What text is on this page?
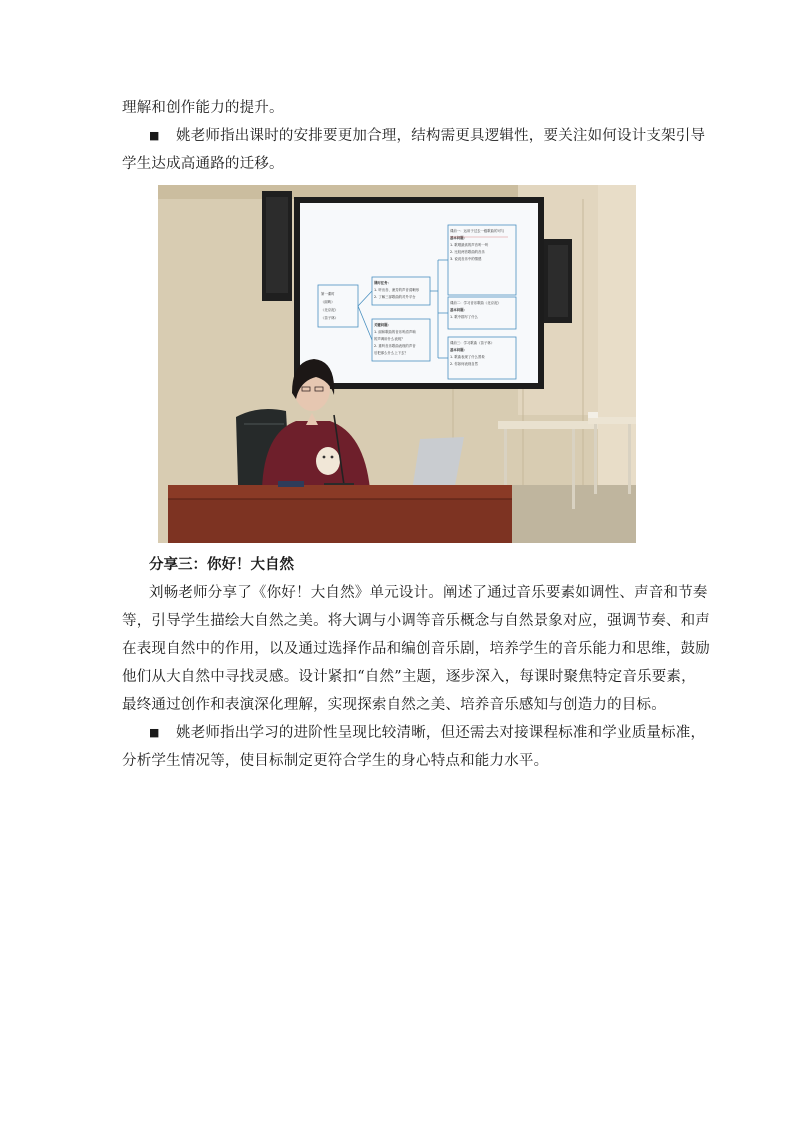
理解和创作能力的提升。
■ 姚老师指出课时的安排要更加合理，结构需更具逻辑性，要关注如何设计支架引导
学生达成高通路的迁移。
第一课时
《丽映》
《北京泥》
《苗子林》
课时任务：
1. 听出音、流芳的声音清晰形
2. 了解三部歌曲的对外平台
关键问题：
1. 丽和歌曲的音乐听清声响
的声调用什么表现？
2. 重听音乐歌曲表现的声音
后把那么什么上下去？
课前一：运用于过去一级歌曲的可与
基本问题：
1. 歌唱最高的声音听一听
2. 比较两首歌曲的音乐
3. 说说音乐中的情感
课前二：学习音乐歌曲《北京泥》
基本问题：
1. 歌中描写了什么
课前三：学习歌曲《苗子林》
基本问题：
1. 歌曲表现了什么景象
2. 你如何表现自然
分享三：你好！大自然
刘畅老师分享了《你好！大自然》单元设计。阐述了通过音乐要素如调性、声音和节奏
等，引导学生描绘大自然之美。将大调与小调等音乐概念与自然景象对应，强调节奏、和声
在表现自然中的作用，以及通过选择作品和编创音乐剧，培养学生的音乐能力和思维，鼓励
他们从大自然中寻找灵感。设计紧扣“自然”主题，逐步深入，每课时聚焦特定音乐要素，
最终通过创作和表演深化理解，实现探索自然之美、培养音乐感知与创造力的目标。
■ 姚老师指出学习的进阶性呈现比较清晰，但还需去对接课程标准和学业质量标准，
分析学生情况等，使目标制定更符合学生的身心特点和能力水平。
